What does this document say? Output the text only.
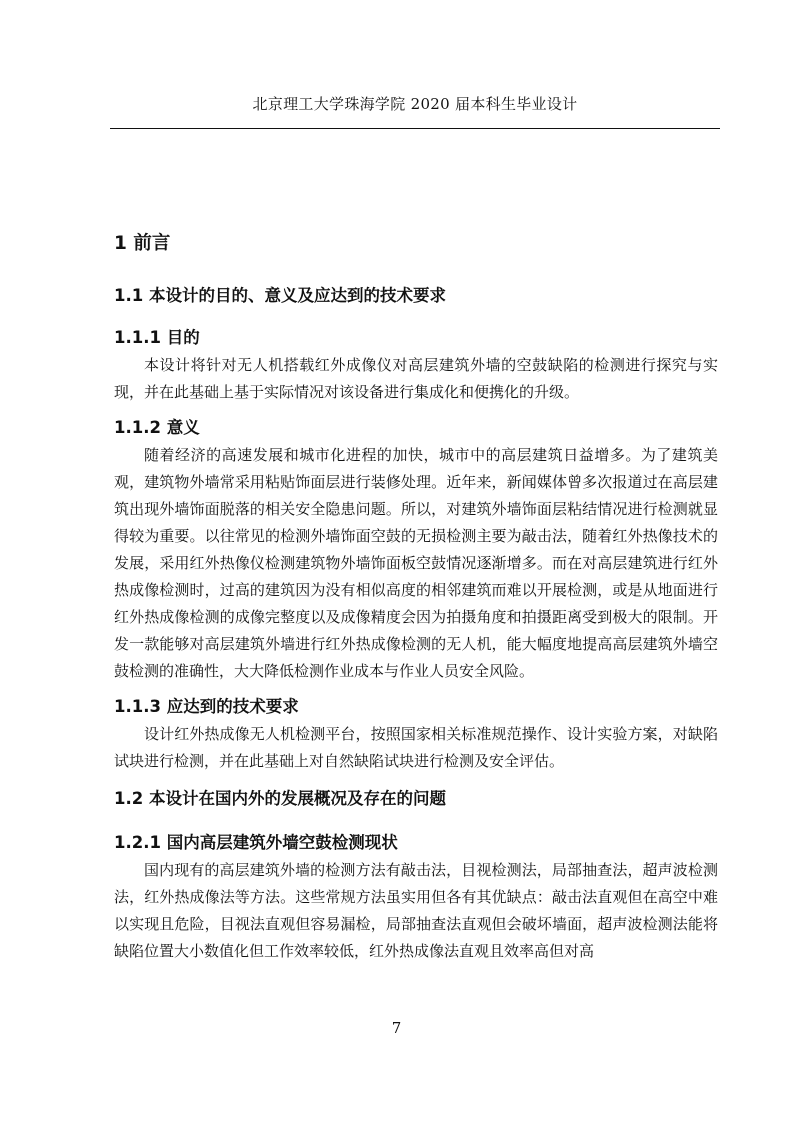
北京理工大学珠海学院 2020 届本科生毕业设计
1 前言
1.1 本设计的目的、意义及应达到的技术要求
1.1.1 目的

本设计将针对无人机搭载红外成像仪对高层建筑外墙的空鼓缺陷的检测进行探究与实现，并在此基础上基于实际情况对该设备进行集成化和便携化的升级。

1.1.2 意义

随着经济的高速发展和城市化进程的加快，城市中的高层建筑日益增多。为了建筑美观，建筑物外墙常采用粘贴饰面层进行装修处理。近年来，新闻媒体曾多次报道过在高层建筑出现外墙饰面脱落的相关安全隐患问题。所以，对建筑外墙饰面层粘结情况进行检测就显得较为重要。以往常见的检测外墙饰面空鼓的无损检测主要为敲击法，随着红外热像技术的发展，采用红外热像仪检测建筑物外墙饰面板空鼓情况逐渐增多。而在对高层建筑进行红外热成像检测时，过高的建筑因为没有相似高度的相邻建筑而难以开展检测，或是从地面进行红外热成像检测的成像完整度以及成像精度会因为拍摄角度和拍摄距离受到极大的限制。开发一款能够对高层建筑外墙进行红外热成像检测的无人机，能大幅度地提高高层建筑外墙空鼓检测的准确性，大大降低检测作业成本与作业人员安全风险。

1.1.3 应达到的技术要求

设计红外热成像无人机检测平台，按照国家相关标准规范操作、设计实验方案，对缺陷试块进行检测，并在此基础上对自然缺陷试块进行检测及安全评估。

1.2 本设计在国内外的发展概况及存在的问题
1.2.1 国内高层建筑外墙空鼓检测现状

国内现有的高层建筑外墙的检测方法有敲击法，目视检测法，局部抽查法，超声波检测法，红外热成像法等方法。这些常规方法虽实用但各有其优缺点：敲击法直观但在高空中难以实现且危险，目视法直观但容易漏检，局部抽查法直观但会破坏墙面，超声波检测法能将缺陷位置大小数值化但工作效率较低，红外热成像法直观且效率高但对高

7
